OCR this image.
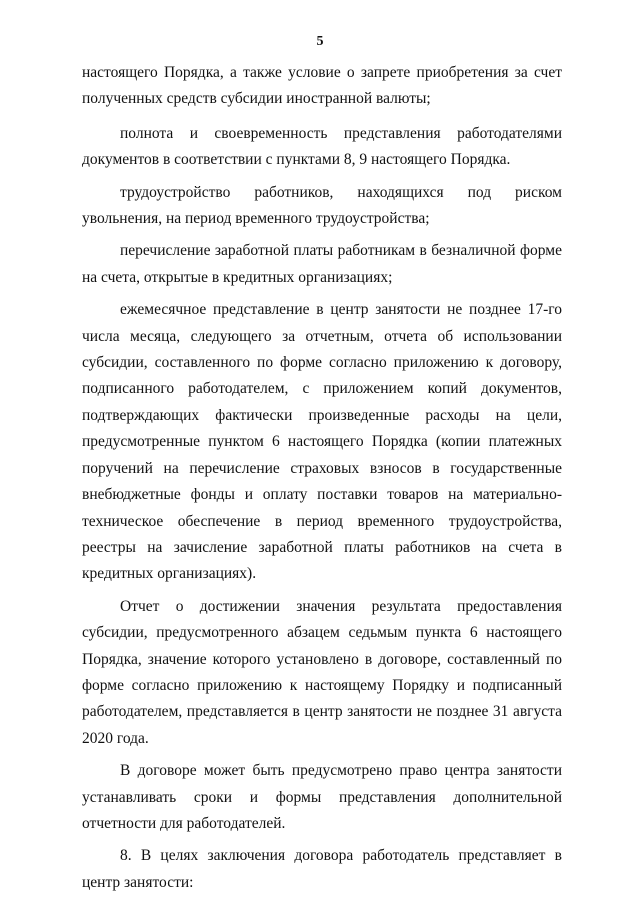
5

настоящего Порядка, а также условие о запрете приобретения за счет полученных средств субсидии иностранной валюты;

полнота и своевременность представления работодателями документов в соответствии с пунктами 8, 9 настоящего Порядка.

трудоустройство работников, находящихся под риском увольнения, на период временного трудоустройства;

перечисление заработной платы работникам в безналичной форме на счета, открытые в кредитных организациях;

ежемесячное представление в центр занятости не позднее 17-го числа месяца, следующего за отчетным, отчета об использовании субсидии, составленного по форме согласно приложению к договору, подписанного работодателем, с приложением копий документов, подтверждающих фактически произведенные расходы на цели, предусмотренные пунктом 6 настоящего Порядка (копии платежных поручений на перечисление страховых взносов в государственные внебюджетные фонды и оплату поставки товаров на материально-техническое обеспечение в период временного трудоустройства, реестры на зачисление заработной платы работников на счета в кредитных организациях).

Отчет о достижении значения результата предоставления субсидии, предусмотренного абзацем седьмым пункта 6 настоящего Порядка, значение которого установлено в договоре, составленный по форме согласно приложению к настоящему Порядку и подписанный работодателем, представляется в центр занятости не позднее 31 августа 2020 года.

В договоре может быть предусмотрено право центра занятости устанавливать сроки и формы представления дополнительной отчетности для работодателей.

8. В целях заключения договора работодатель представляет в центр занятости:
